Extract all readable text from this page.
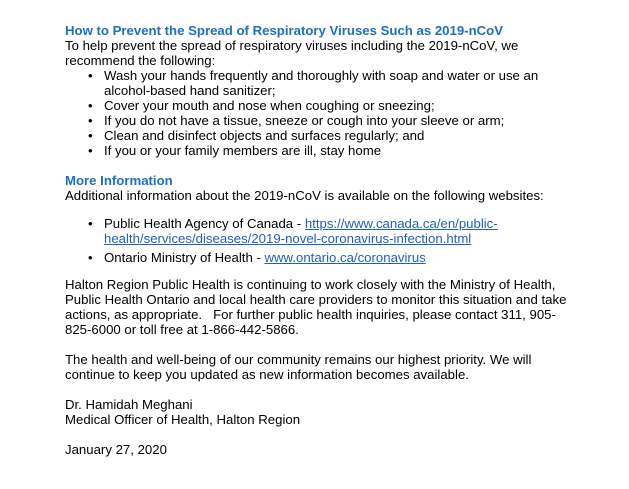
How to Prevent the Spread of Respiratory Viruses Such as 2019-nCoV

To help prevent the spread of respiratory viruses including the 2019-nCoV, we

recommend the following:

• Wash your hands frequently and thoroughly with soap and water or use an
alcohol-based hand sanitizer;
• Cover your mouth and nose when coughing or sneezing;
• If you do not have a tissue, sneeze or cough into your sleeve or arm;
• Clean and disinfect objects and surfaces regularly; and
• If you or your family members are ill, stay home

More Information

Additional information about the 2019-nCoV is available on the following websites:

• Public Health Agency of Canada - https://www.canada.ca/en/public-
health/services/diseases/2019-novel-coronavirus-infection.html
• Ontario Ministry of Health - www.ontario.ca/coronavirus

Halton Region Public Health is continuing to work closely with the Ministry of Health,

Public Health Ontario and local health care providers to monitor this situation and take

actions, as appropriate.   For further public health inquiries, please contact 311, 905-

825-6000 or toll free at 1-866-442-5866.

The health and well-being of our community remains our highest priority. We will

continue to keep you updated as new information becomes available.

Dr. Hamidah Meghani

Medical Officer of Health, Halton Region

January 27, 2020
